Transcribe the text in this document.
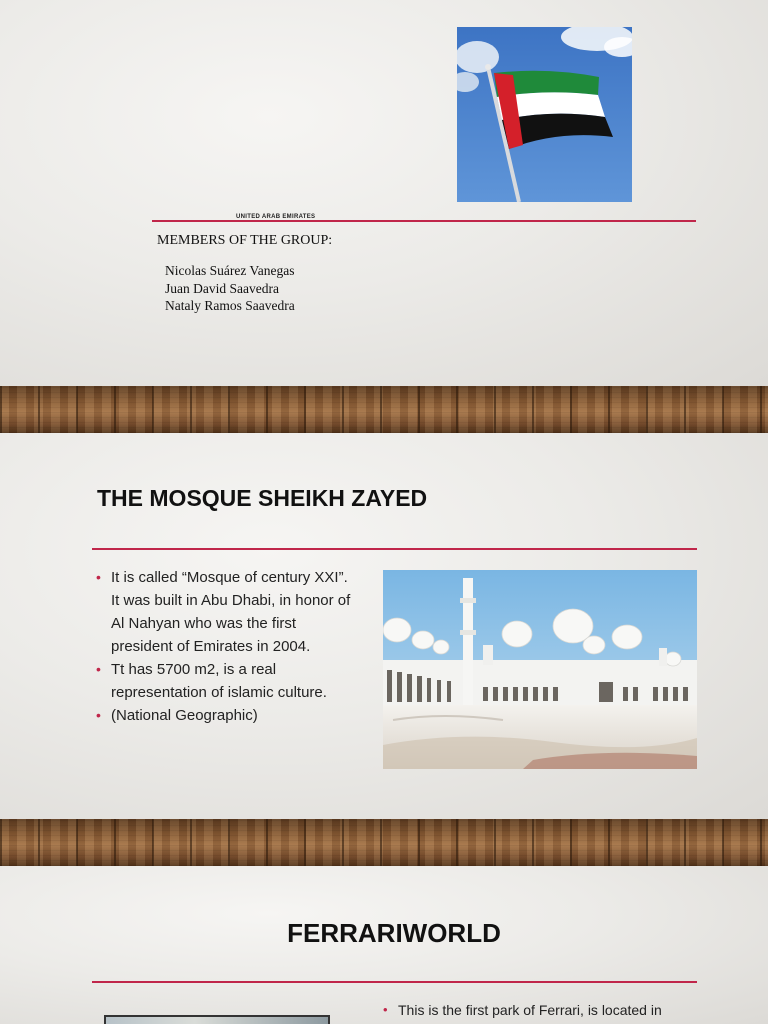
UNITED ARAB EMIRATES
MEMBERS OF THE GROUP:
Nicolas Suárez Vanegas
Juan David Saavedra
Nataly Ramos Saavedra
THE MOSQUE SHEIKH ZAYED
• It is called “Mosque of century XXI”. It was built in Abu Dhabi, in honor of Al Nahyan who was the first president of Emirates in 2004.
• Tt has 5700 m2, is a real representation of islamic culture.
• (National Geographic)
FERRARIWORLD
• This is the first park of Ferrari, is located in
